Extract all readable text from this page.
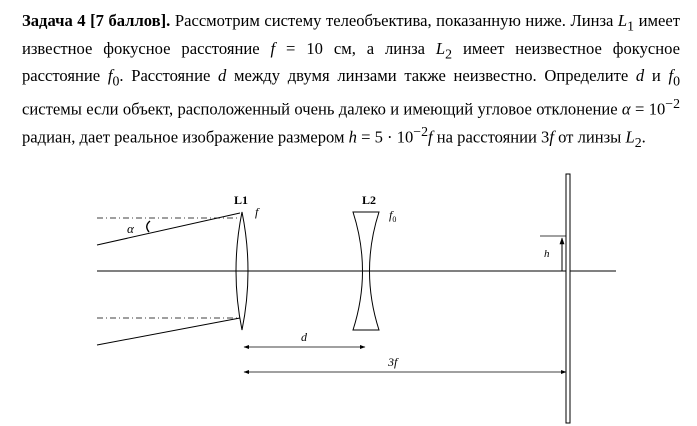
Задача 4 [7 баллов]. Рассмотрим систему телеобъектива, показанную ниже. Линза $L_1$ имеет известное фокусное расстояние f = 10 см, а линза $L_2$ имеет неизвестное фокусное расстояние $f_0$. Расстояние d между двумя линзами также неизвестно. Определите d и $f_0$ системы если объект, расположенный очень далеко и имеющий угловое отклонение $\alpha = 10^{-2}$ радиан, дает реальное изображение размером $h = 5 \cdot 10^{-2}f$ на расстоянии 3f от линзы $L_2$.
α
L1
f
L2
$f_0$
h
d
3f
